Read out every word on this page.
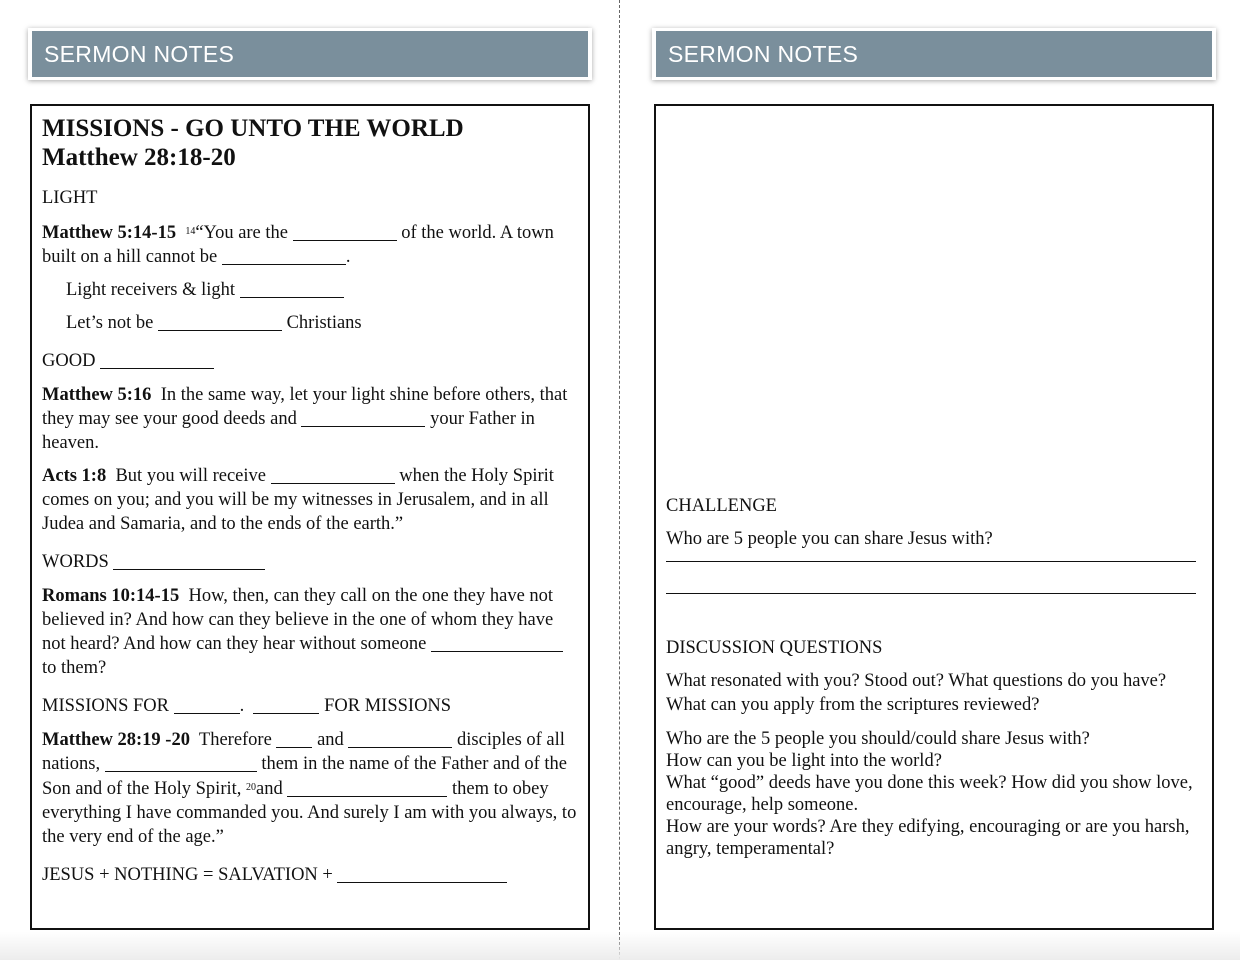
SERMON NOTES	SERMON NOTES
MISSIONS - GO UNTO THE WORLD
Matthew 28:18-20
LIGHT
Matthew 5:14-15 $^{14}$“You are the	of the world. A town built on a hill cannot be	.
Light receivers & light
Let’s not be	Christians
GOOD
Matthew 5:16 In the same way, let your light shine before others, that they may see your good deeds and	your Father in heaven.
Acts 1:8 But you will receive	when the Holy Spirit comes on you; and you will be my witnesses in Jerusalem, and in all Judea and Samaria, and to the ends of the earth.”
WORDS
Romans 10:14-15 How, then, can they call on the one they have not believed in? And how can they believe in the one of whom they have not heard? And how can they hear without someone  to them?
MISSIONS FOR	.	FOR MISSIONS
Matthew 28:19 -20 Therefore and	disciples of all nations,	them in the name of the Father and of the Son and of the Holy Spirit, $^{20}$and	them to obey everything I have commanded you. And surely I am with you always, to the very end of the age.”
JESUS + NOTHING = SALVATION +
CHALLENGE
Who are 5 people you can share Jesus with?
DISCUSSION QUESTIONS
What resonated with you? Stood out? What questions do you have?
What can you apply from the scriptures reviewed?
Who are the 5 people you should/could share Jesus with?
How can you be light into the world?
What “good” deeds have you done this week? How did you show love, encourage, help someone.
How are your words? Are they edifying, encouraging or are you harsh, angry, temperamental?
